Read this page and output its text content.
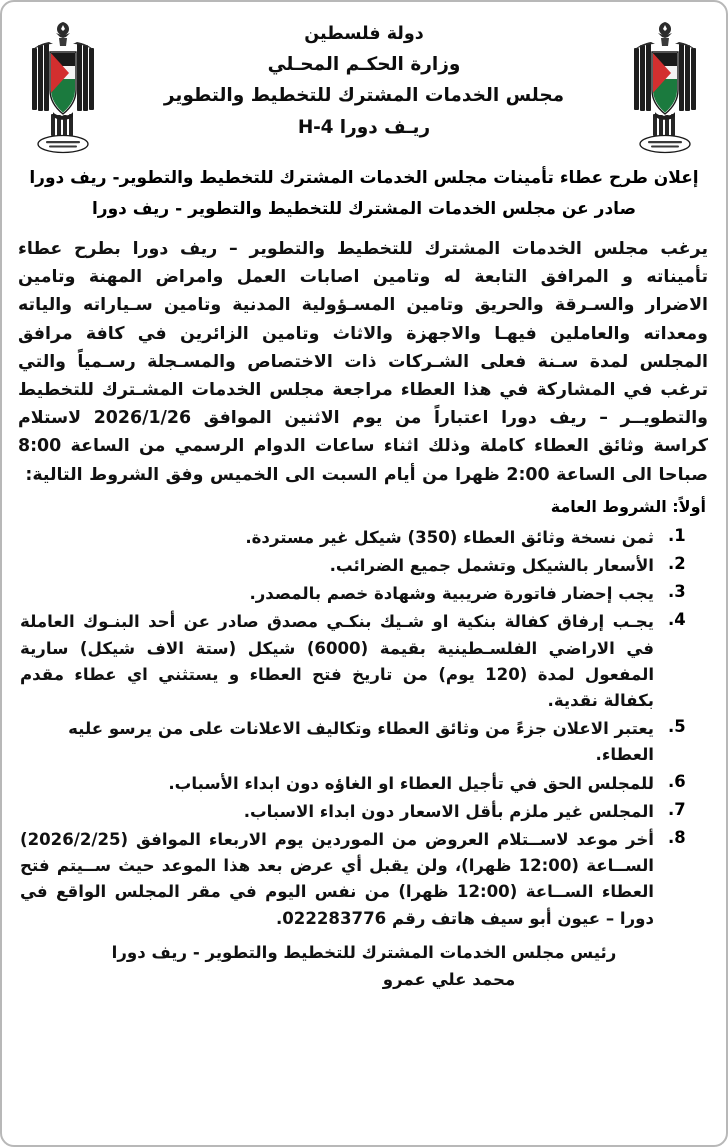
دولة فلسطين
وزارة الحكـم المحـلي
مجلس الخدمات المشترك للتخطيط والتطوير
ريـف دورا H-4
إعلان طرح عطاء تأمينات مجلس الخدمات المشترك للتخطيط والتطوير- ريف دورا
صادر عن مجلس الخدمات المشترك للتخطيط والتطوير - ريف دورا
يرغب مجلس الخدمات المشترك للتخطيط والتطوير – ريف دورا بطرح عطاء تأميناته و المرافق التابعة له وتامين اصابات العمل وامراض المهنة وتامين الاضرار والسـرقة والحريق وتامين المسـؤولية المدنية وتامين سـياراته والياته ومعداته والعاملين فيهـا والاجهزة والاثاث وتامين الزائرين في كافة مرافق المجلس لمدة سـنة فعلى الشـركات ذات الاختصاص والمسـجلة رسـمياً والتي ترغب في المشاركة في هذا العطاء مراجعة مجلس الخدمات المشـترك للتخطيط والتطويــر – ريف دورا اعتباراً من يوم الاثنين الموافق 2026/1/26 لاستلام كراسة وثائق العطاء كاملة وذلك اثناء ساعات الدوام الرسمي من الساعة 8:00 صباحا الى الساعة 2:00 ظهرا من أيام السبت الى الخميس وفق الشروط التالية:
أولاً: الشروط العامة
.1
ثمن نسخة وثائق العطاء (350) شيكل غير مستردة.
.2
الأسعار بالشيكل وتشمل جميع الضرائب.
.3
يجب إحضار فاتورة ضريبية وشهادة خصم بالمصدر.
.4
يجـب إرفاق كفالة بنكية او شـيك بنكـي مصدق صادر عن أحد البنـوك العاملة في الاراضي الفلسـطينية بقيمة (6000) شيكل (ستة الاف شيكل) سارية المفعول لمدة (120 يوم) من تاريخ فتح العطاء و يستثني اي عطاء مقدم بكفالة نقدية.
.5
يعتبر الاعلان جزءً من وثائق العطاء وتكاليف الاعلانات على من يرسو عليه العطاء.
.6
للمجلس الحق في تأجيل العطاء او الغاؤه دون ابداء الأسباب.
.7
المجلس غير ملزم بأقل الاسعار دون ابداء الاسباب.
.8
أخر موعد لاســتلام العروض من الموردين يوم الاربعاء الموافق (2026/2/25) الســاعة (12:00 ظهرا)، ولن يقبل أي عرض بعد هذا الموعد حيث ســيتم فتح العطاء الســاعة (12:00 ظهرا) من نفس اليوم في مقر المجلس الواقع في دورا – عيون أبو سيف هاتف رقم 022283776.
رئيس مجلس الخدمات المشترك للتخطيط والتطوير - ريف دورا
محمد علي عمرو
